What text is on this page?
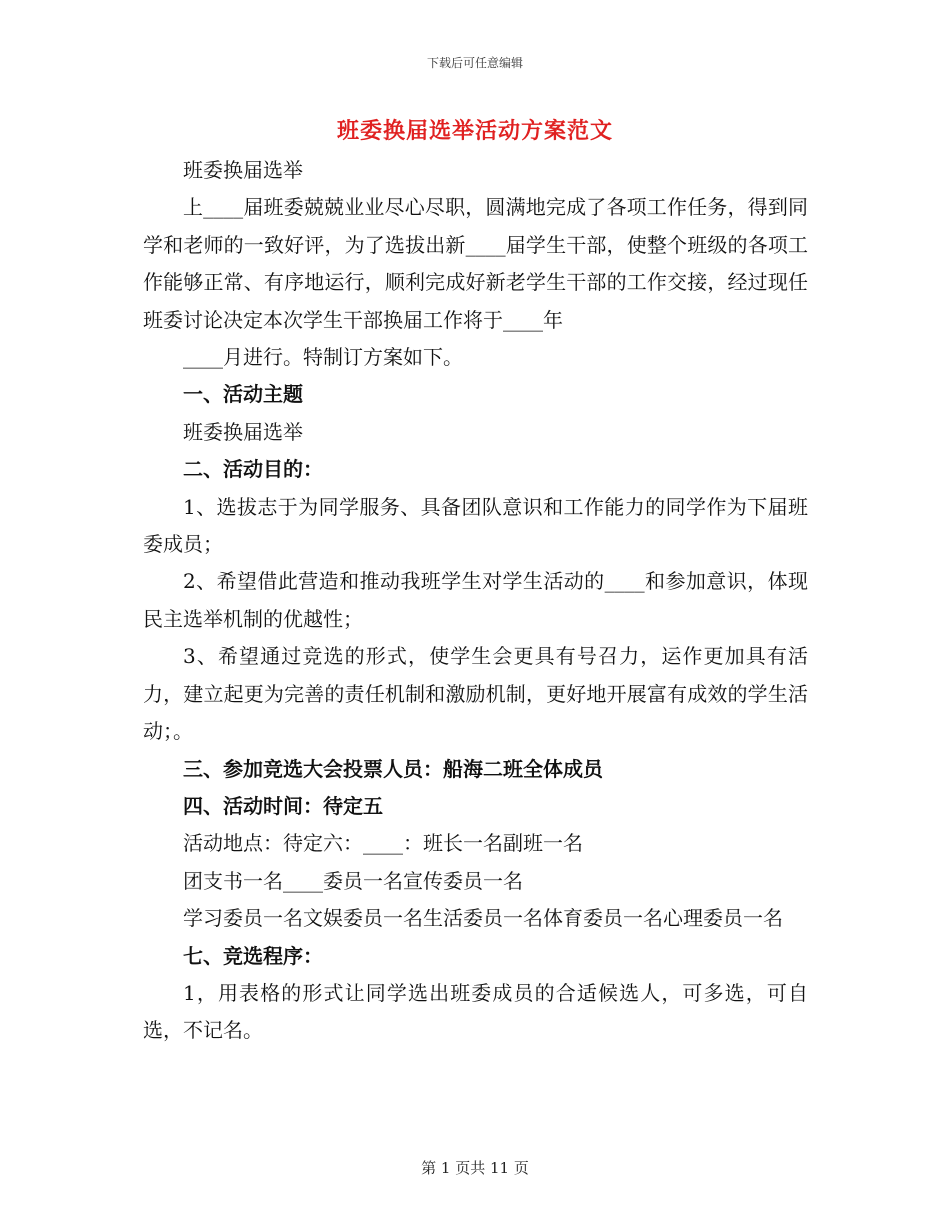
下载后可任意编辑
班委换届选举活动方案范文

班委换届选举

上____届班委兢兢业业尽心尽职，圆满地完成了各项工作任务，得到同学和老师的一致好评，为了选拔出新____届学生干部，使整个班级的各项工作能够正常、有序地运行，顺利完成好新老学生干部的工作交接，经过现任班委讨论决定本次学生干部换届工作将于____年

____月进行。特制订方案如下。

一、活动主题

班委换届选举

二、活动目的：

1、选拔志于为同学服务、具备团队意识和工作能力的同学作为下届班委成员；

2、希望借此营造和推动我班学生对学生活动的____和参加意识，体现民主选举机制的优越性；

3、希望通过竞选的形式，使学生会更具有号召力，运作更加具有活力，建立起更为完善的责任机制和激励机制，更好地开展富有成效的学生活动；。

三、参加竞选大会投票人员：船海二班全体成员

四、活动时间：待定五

活动地点：待定六：____：班长一名副班一名

团支书一名____委员一名宣传委员一名

学习委员一名文娱委员一名生活委员一名体育委员一名心理委员一名

七、竞选程序：

1，用表格的形式让同学选出班委成员的合适候选人，可多选，可自选，不记名。

第 1 页共 11 页
